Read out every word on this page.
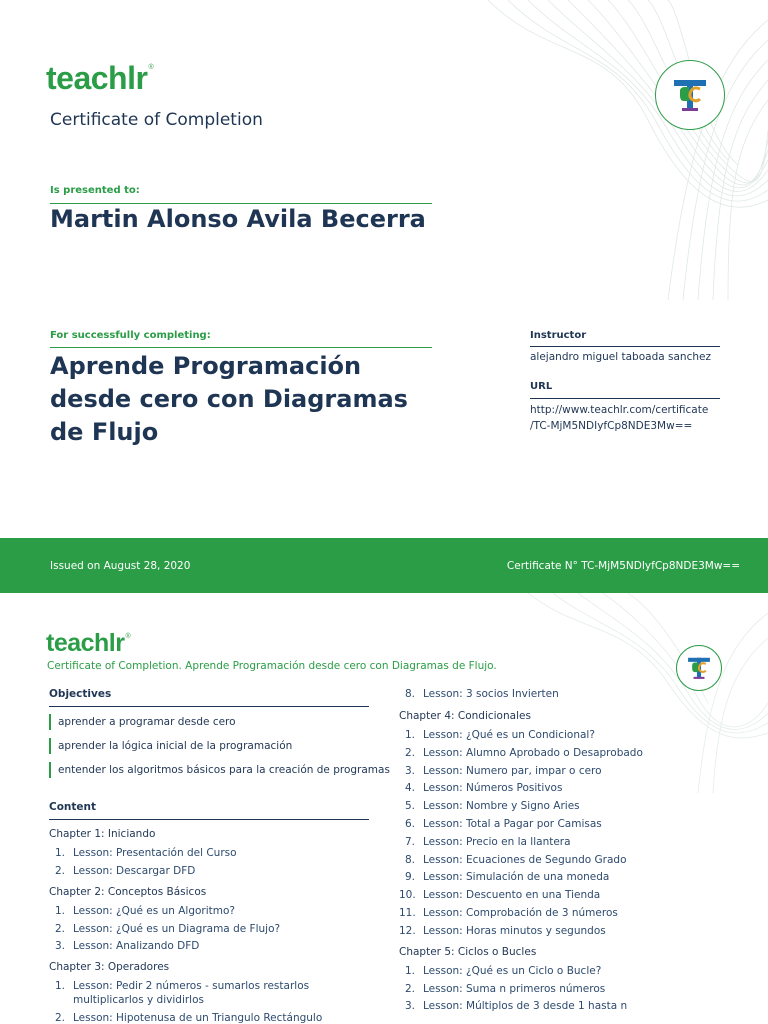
teachlr®
Certificate of Completion
Is presented to:
Martin Alonso Avila Becerra
For successfully completing:
Aprende Programación desde cero con Diagramas de Flujo
Instructor
alejandro miguel taboada sanchez
URL
http://www.teachlr.com/certificate
/TC-MjM5NDIyfCp8NDE3Mw==
Issued on August 28, 2020	Certificate N° TC-MjM5NDIyfCp8NDE3Mw==
teachlr®
Certificate of Completion. Aprende Programación desde cero con Diagramas de Flujo.
Objectives
aprender a programar desde cero
aprender la lógica inicial de la programación
entender los algoritmos básicos para la creación de programas
Content
Chapter 1: Iniciando
1. Lesson: Presentación del Curso
2. Lesson: Descargar DFD
Chapter 2: Conceptos Básicos
1. Lesson: ¿Qué es un Algoritmo?
2. Lesson: ¿Qué es un Diagrama de Flujo?
3. Lesson: Analizando DFD
Chapter 3: Operadores
1. Lesson: Pedir 2 números - sumarlos restarlos multiplicarlos y dividirlos
2. Lesson: Hipotenusa de un Triangulo Rectángulo
8. Lesson: 3 socios Invierten
Chapter 4: Condicionales
1. Lesson: ¿Qué es un Condicional?
2. Lesson: Alumno Aprobado o Desaprobado
3. Lesson: Numero par, impar o cero
4. Lesson: Números Positivos
5. Lesson: Nombre y Signo Aries
6. Lesson: Total a Pagar por Camisas
7. Lesson: Precio en la llantera
8. Lesson: Ecuaciones de Segundo Grado
9. Lesson: Simulación de una moneda
10. Lesson: Descuento en una Tienda
11. Lesson: Comprobación de 3 números
12. Lesson: Horas minutos y segundos
Chapter 5: Ciclos o Bucles
1. Lesson: ¿Qué es un Ciclo o Bucle?
2. Lesson: Suma n primeros números
3. Lesson: Múltiplos de 3 desde 1 hasta n
